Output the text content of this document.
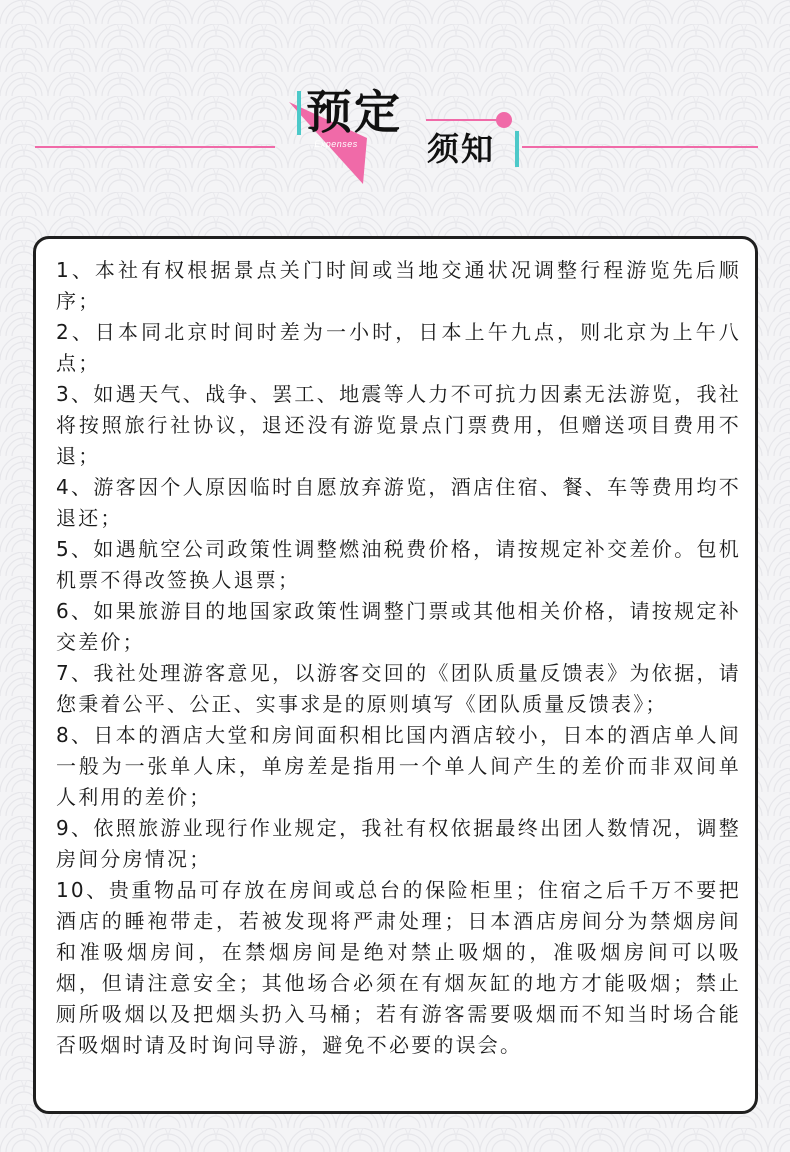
Expenses
预定
须知
1、本社有权根据景点关门时间或当地交通状况调整行程游览先后顺序；
2、日本同北京时间时差为一小时，日本上午九点，则北京为上午八点；
3、如遇天气、战争、罢工、地震等人力不可抗力因素无法游览，我社将按照旅行社协议，退还没有游览景点门票费用，但赠送项目费用不退；
4、游客因个人原因临时自愿放弃游览，酒店住宿、餐、车等费用均不退还；
5、如遇航空公司政策性调整燃油税费价格，请按规定补交差价。包机机票不得改签换人退票；
6、如果旅游目的地国家政策性调整门票或其他相关价格，请按规定补交差价；
7、我社处理游客意见，以游客交回的《团队质量反馈表》为依据，请您秉着公平、公正、实事求是的原则填写《团队质量反馈表》；
8、日本的酒店大堂和房间面积相比国内酒店较小，日本的酒店单人间一般为一张单人床，单房差是指用一个单人间产生的差价而非双间单人利用的差价；
9、依照旅游业现行作业规定，我社有权依据最终出团人数情况，调整房间分房情况；
10、贵重物品可存放在房间或总台的保险柜里；住宿之后千万不要把酒店的睡袍带走，若被发现将严肃处理；日本酒店房间分为禁烟房间和准吸烟房间，在禁烟房间是绝对禁止吸烟的，准吸烟房间可以吸烟，但请注意安全；其他场合必须在有烟灰缸的地方才能吸烟；禁止厕所吸烟以及把烟头扔入马桶；若有游客需要吸烟而不知当时场合能否吸烟时请及时询问导游，避免不必要的误会。
